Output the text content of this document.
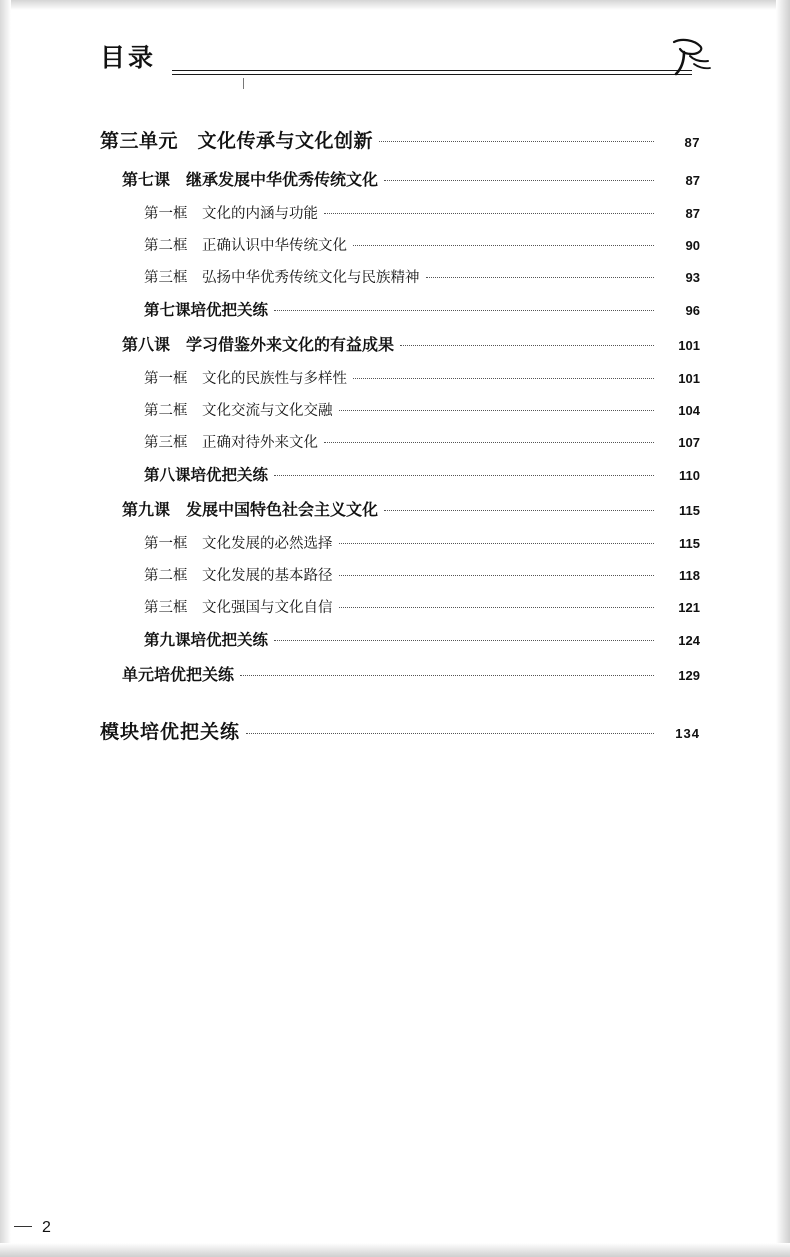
目录
第三单元　文化传承与文化创新	87
第七课　继承发展中华优秀传统文化	87
第一框　文化的内涵与功能	87
第二框　正确认识中华传统文化	90
第三框　弘扬中华优秀传统文化与民族精神	93
第七课培优把关练	96
第八课　学习借鉴外来文化的有益成果	101
第一框　文化的民族性与多样性	101
第二框　文化交流与文化交融	104
第三框　正确对待外来文化	107
第八课培优把关练	110
第九课　发展中国特色社会主义文化	115
第一框　文化发展的必然选择	115
第二框　文化发展的基本路径	118
第三框　文化强国与文化自信	121
第九课培优把关练	124
单元培优把关练	129
模块培优把关练	134
2
